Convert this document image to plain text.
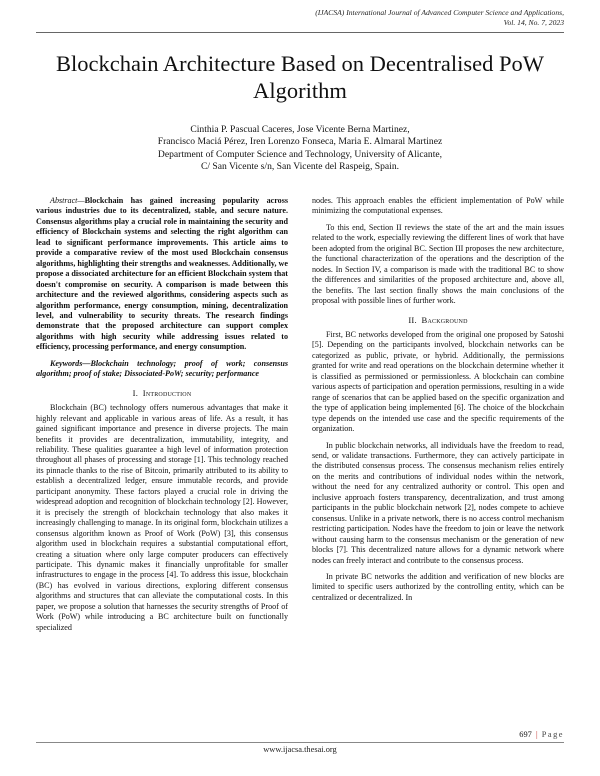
(IJACSA) International Journal of Advanced Computer Science and Applications,
Vol. 14, No. 7, 2023
Blockchain Architecture Based on Decentralised PoW Algorithm
Cinthia P. Pascual Caceres, Jose Vicente Berna Martinez,
Francisco Maciá Pérez, Iren Lorenzo Fonseca, Maria E. Almaral Martinez
Department of Computer Science and Technology, University of Alicante,
C/ San Vicente s/n, San Vicente del Raspeig, Spain.

Abstract—Blockchain has gained increasing popularity across various industries due to its decentralized, stable, and secure nature. Consensus algorithms play a crucial role in maintaining the security and efficiency of Blockchain systems and selecting the right algorithm can lead to significant performance improvements. This article aims to provide a comparative review of the most used Blockchain consensus algorithms, highlighting their strengths and weaknesses. Additionally, we propose a dissociated architecture for an efficient Blockchain system that doesn't compromise on security. A comparison is made between this architecture and the reviewed algorithms, considering aspects such as algorithm performance, energy consumption, mining, decentralization level, and vulnerability to security threats. The research findings demonstrate that the proposed architecture can support complex algorithms with high security while addressing issues related to efficiency, processing performance, and energy consumption.

Keywords—Blockchain technology; proof of work; consensus algorithm; proof of stake; Dissociated-PoW; security; performance

I. Introduction

Blockchain (BC) technology offers numerous advantages that make it highly relevant and applicable in various areas of life. As a result, it has gained significant importance and presence in diverse projects. The main benefits it provides are decentralization, immutability, integrity, and reliability. These qualities guarantee a high level of information protection throughout all phases of processing and storage [1]. This technology reached its pinnacle thanks to the rise of Bitcoin, primarily attributed to its ability to establish a decentralized ledger, ensure immutable records, and provide participant anonymity. These factors played a crucial role in driving the widespread adoption and recognition of blockchain technology [2]. However, it is precisely the strength of blockchain technology that also makes it increasingly challenging to manage. In its original form, blockchain utilizes a consensus algorithm known as Proof of Work (PoW) [3], this consensus algorithm used in blockchain requires a substantial computational effort, creating a situation where only large computer producers can effectively participate. This dynamic makes it financially unprofitable for smaller infrastructures to engage in the process [4]. To address this issue, blockchain (BC) has evolved in various directions, exploring different consensus algorithms and structures that can alleviate the computational costs. In this paper, we propose a solution that harnesses the security strengths of Proof of Work (PoW) while introducing a BC architecture built on functionally specialized

nodes. This approach enables the efficient implementation of PoW while minimizing the computational expenses.

To this end, Section II reviews the state of the art and the main issues related to the work, especially reviewing the different lines of work that have been adopted from the original BC. Section III proposes the new architecture, the functional characterization of the operations and the description of the nodes. In Section IV, a comparison is made with the traditional BC to show the differences and similarities of the proposed architecture and, above all, the benefits. The last section finally shows the main conclusions of the proposal with possible lines of further work.

II. Background

First, BC networks developed from the original one proposed by Satoshi [5]. Depending on the participants involved, blockchain networks can be categorized as public, private, or hybrid. Additionally, the permissions granted for write and read operations on the blockchain determine whether it is classified as permissioned or permissionless. A blockchain can combine various aspects of participation and operation permissions, resulting in a wide range of scenarios that can be applied based on the specific organization and the type of application being implemented [6]. The choice of the blockchain type depends on the intended use case and the specific requirements of the organization.

In public blockchain networks, all individuals have the freedom to read, send, or validate transactions. Furthermore, they can actively participate in the distributed consensus process. The consensus mechanism relies entirely on the merits and contributions of individual nodes within the network, without the need for any centralized authority or control. This open and inclusive approach fosters transparency, decentralization, and trust among participants in the public blockchain network [2], nodes compete to achieve consensus. Unlike in a private network, there is no access control mechanism restricting participation. Nodes have the freedom to join or leave the network without causing harm to the consensus mechanism or the generation of new blocks [7]. This decentralized nature allows for a dynamic network where nodes can freely interact and contribute to the consensus process.

In private BC networks the addition and verification of new blocks are limited to specific users authorized by the controlling entity, which can be centralized or decentralized. In

697 | Page
www.ijacsa.thesai.org
